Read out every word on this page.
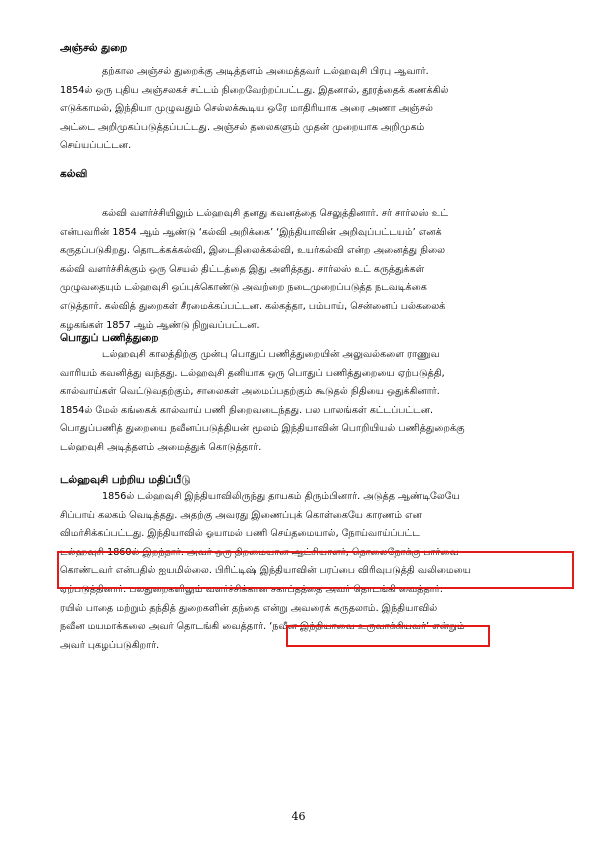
அஞ்சல் துறை
தற்கால அஞ்சல் துறைக்கு அடித்தளம் அமைத்தவர் டல்ஹவுசி பிரபு ஆவார்.
1854ல் ஒரு புதிய அஞ்சலகச் சட்டம் நிறைவேற்றப்பட்டது. இதனால், தூரத்தைக் கணக்கில்
எடுக்காமல், இந்தியா முழுவதும் செல்லக்கூடிய ஒரே மாதிரியாக அரை அணா அஞ்சல்
அட்டை அறிமுகப்படுத்தப்பட்டது. அஞ்சல் தலைகளும் முதன் முறையாக அறிமுகம்
செய்யப்பட்டன.
கல்வி
கல்வி வளர்ச்சியிலும் டல்ஹவுசி தனது கவனத்தை செலுத்தினார். சர் சார்லஸ் உட்
என்பவரின் 1854 ஆம் ஆண்டு ‘கல்வி அறிக்கை’ ‘இந்தியாவின் அறிவுப்பட்டயம்’ எனக்
கருதப்படுகிறது. தொடக்கக்கல்வி, இடைநிலைக்கல்வி, உயர்கல்வி என்ற அனைத்து நிலை
கல்வி வளர்ச்சிக்கும் ஒரு செயல் திட்டத்தை இது அளித்தது. சார்லஸ் உட் கருத்துக்கள்
முழுவதையும் டல்ஹவுசி ஒப்புக்கொண்டு அவற்றை நடைமுறைப்படுத்த நடவடிக்கை
எடுத்தார். கல்வித் துறைகள் சீரமைக்கப்பட்டன. கல்கத்தா, பம்பாய், சென்னைப் பல்கலைக்
கழகங்கள் 1857 ஆம் ஆண்டு நிறுவப்பட்டன.
பொதுப் பணித்துறை
டல்ஹவுசி காலத்திற்கு முன்பு பொதுப் பணித்துறையின் அலுவல்களை ராணுவ
வாரியம் கவனித்து வந்தது. டல்ஹவுசி தனியாக ஒரு பொதுப் பணித்துறையை ஏற்படுத்தி,
கால்வாய்கள் வெட்டுவதற்கும், சாலைகள் அமைப்பதற்கும் கூடுதல் நிதியை ஒதுக்கினார்.
1854ல் மேல் கங்கைக் கால்வாய் பணி நிறைவடைந்தது. பல பாலங்கள் கட்டப்பட்டன.
பொதுப்பணித் துறையை நவீனப்படுத்தியன் மூலம் இந்தியாவின் பொறியியல் பணித்துறைக்கு
டல்ஹவுசி அடித்தளம் அமைத்துக் கொடுத்தார்.
டல்ஹவுசி பற்றிய மதிப்பீடு
1856ல் டல்ஹவுசி இந்தியாவிலிருந்து தாயகம் திரும்பினார். அடுத்த ஆண்டிலேயே
சிப்பாய் கலகம் வெடித்தது. அதற்கு அவரது இணைப்புக் கொள்கையே காரணம் என
விமர்சிக்கப்பட்டது. இந்தியாவில் ஓயாமல் பணி செய்தமையால், நோய்வாய்ப்பட்ட
டல்ஹவுசி 1860ல் இறந்தார். அவர் ஒரு திறமையான ஆட்சியாளர், தொலைநோக்கு பார்வை
கொண்டவர் என்பதில் ஐயமில்லை. பிரிட்டிஷ் இந்தியாவின் பரப்பை விரிவுபடுத்தி வலிமையை
ஏற்படுத்தினார். பலதுறைகளிலும் வளர்ச்சிக்கான சகாப்தத்தை அவர் தொடங்கி வைத்தார்.
ரயில் பாதை மற்றும் தந்தித் துறைகளின் தந்தை என்று அவரைக் கருதலாம். இந்தியாவில்
நவீன மயமாக்கலை அவர் தொடங்கி வைத்தார். ‘நவீன இந்தியாவை உருவாக்கியவர்’ என்றும்
அவர் புகழப்படுகிறார்.
46
